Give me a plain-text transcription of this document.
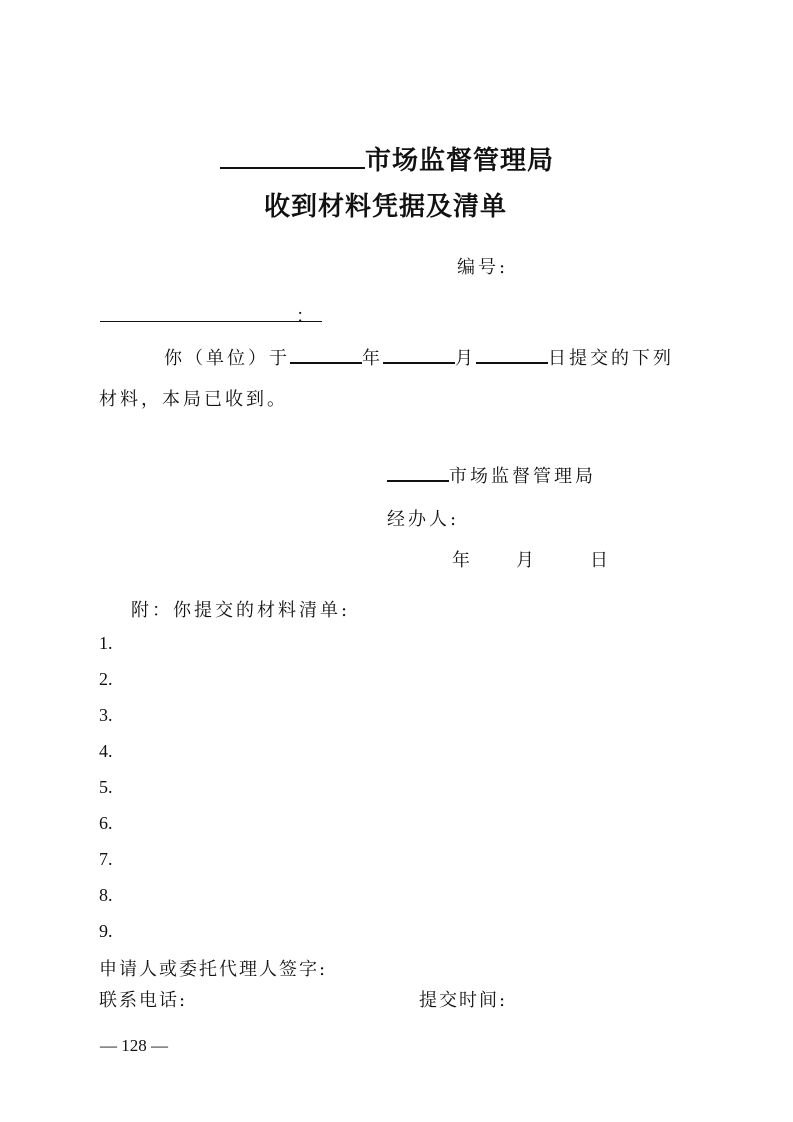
市场监督管理局
收到材料凭据及清单
编号:
：
你（单位）于	年	月	日提交的下列
材料，本局已收到。
市场监督管理局
经办人:
年 月	日
附：你提交的材料清单:
1.
2.
3.
4.
5.
6.
7.
8.
9.
申请人或委托代理人签字:
联系电话:	提交时间:
— 128 —
